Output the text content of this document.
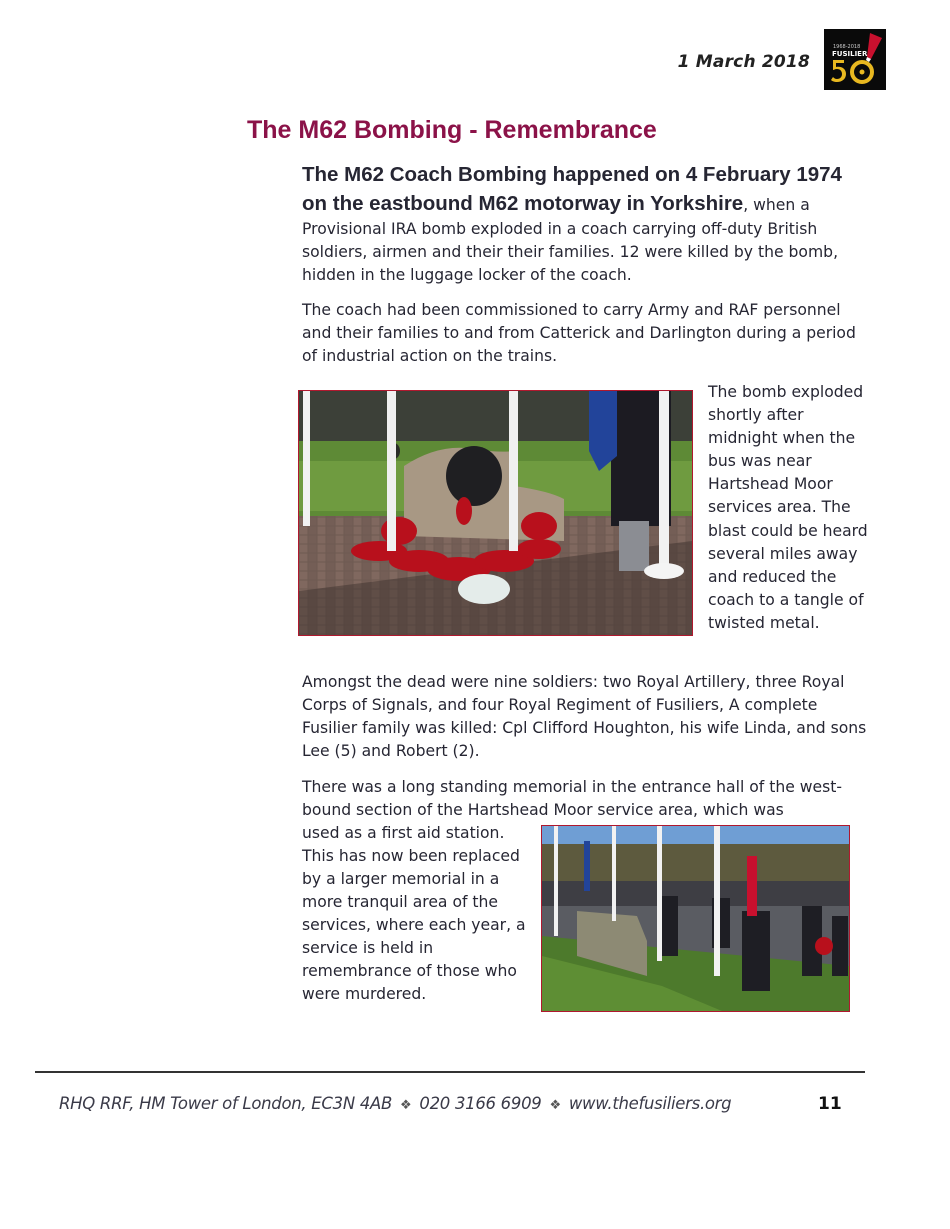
1 March 2018
1968-2018
FUSILIER
The M62 Bombing - Remembrance

The M62 Coach Bombing happened on 4 February 1974 on the eastbound M62 motorway in Yorkshire, when a Provisional IRA bomb exploded in a coach carrying off-duty British soldiers, airmen and their their families. 12 were killed by the bomb, hidden in the luggage locker of the coach.

The coach had been commissioned to carry Army and RAF personnel and their families to and from Catterick and Darlington during a period of industrial action on the trains.

The bomb exploded shortly after midnight when the bus was near Hartshead Moor services area. The blast could be heard several miles away and reduced the coach to a tangle of twisted metal.

Amongst the dead were nine soldiers: two Royal Artillery, three Royal Corps of Signals, and four Royal Regiment of Fusiliers, A complete Fusilier family was killed: Cpl Clifford Houghton, his wife Linda, and sons Lee (5) and Robert (2).

There was a long standing memorial in the entrance hall of the west-bound section of the Hartshead Moor service area, which was

used as a first aid station. This has now been replaced by a larger memorial in a more tranquil area of the services, where each year, a service is held in remembrance of those who were murdered.

RHQ RRF, HM Tower of London, EC3N 4AB ❖ 020 3166 6909 ❖ www.thefusiliers.org	11
